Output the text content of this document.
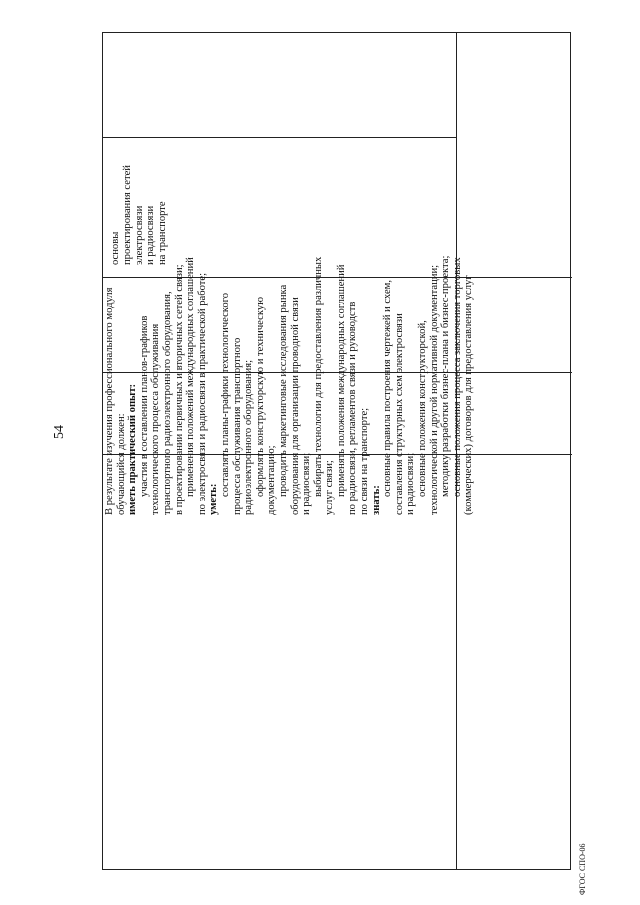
54	В результате изучения профессионального модуля обучающийся должен: иметь практический опыт: участия в составлении планов-графиков технологического процесса обслуживания транспортного радиоэлектронного оборудования, в проектировании первичных и вторичных сетей связи; применения положений международных соглашений по электросвязи и радиосвязи в практической работе; уметь:
составлять планы-графики технологического процесса обслуживания транспортного радиоэлектронного оборудования; оформлять конструкторскую и техническую документацию; проводить маркетинговые исследования рынка оборудования для организации проводной связи и радиосвязи; выбирать технологии для предоставления различных услуг связи; применять положения международных соглашений по радиосвязи, регламентов связи и руководств по связи на транспорте; знать:
основные правила построения чертежей и схем, составления структурных схем электросвязи и радиосвязи; основные положения конструкторской, технологической и другой нормативной документации; методику разработки бизнес-плана и бизнес-проекта; основные положения процесса заключения торговых (коммерческих) договоров для предоставления услуг
основы проектирования сетей электросвязи и радиосвязи на транспорте
ФГОС СПО-06
